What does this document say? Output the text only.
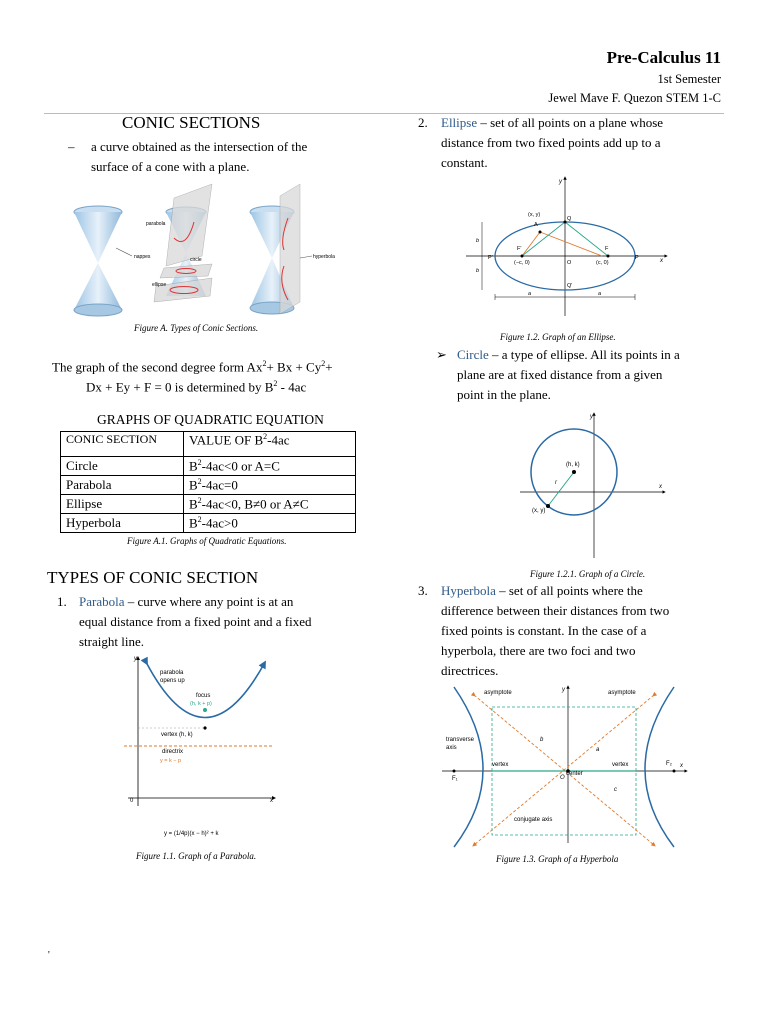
Pre-Calculus 11
1st Semester
Jewel Mave F. Quezon STEM 1-C
CONIC SECTIONS
– a curve obtained as the intersection of the
surface of a cone with a plane.
nappes
parabola
circle
ellipse
hyperbola
Figure A. Types of Conic Sections.
The graph of the second degree form $Ax^2+ Bx + Cy^2+$
Dx + Ey + F = 0 is determined by $B^2 - 4ac$
GRAPHS OF QUADRATIC EQUATION
CONIC SECTION	VALUE OF $B^2-4ac$
Circle	$B^2-4ac<0$ or A=C
Parabola	$B^2-4ac=0$
Ellipse	$B^2-4ac<0$, B≠0 or A≠C
Hyperbola	$B^2-4ac>0$
Figure A.1. Graphs of Quadratic Equations.
TYPES OF CONIC SECTION
1. Parabola – curve where any point is at an
equal distance from a fixed point and a fixed
straight line.
y
x
0
parabola
opens up
focus
(h, k + p)
vertex (h, k)
directrix
y = k − p
y = (1/4p)(x − h)² + k
Figure 1.1. Graph of a Parabola.
'
2. Ellipse – set of all points on a plane whose
distance from two fixed points add up to a
constant.
y
x
(x, y)
A
Q
Q'
F'	F
P'	P
O
(−c, 0)	(c, 0)
b
b
a	a
Figure 1.2. Graph of an Ellipse.
➢ Circle – a type of ellipse. All its points in a
plane are at fixed distance from a given
point in the plane.
y
x
(h, k)
r
(x, y)
Figure 1.2.1. Graph of a Circle.
3. Hyperbola – set of all points where the
difference between their distances from two
fixed points is constant. In the case of a
hyperbola, there are two foci and two
directrices.
y
x
asymptote	asymptote
transverse
axis
vertex	vertex
center
O
F₁
F₂
b
a
c
conjugate axis
Figure 1.3. Graph of a Hyperbola
